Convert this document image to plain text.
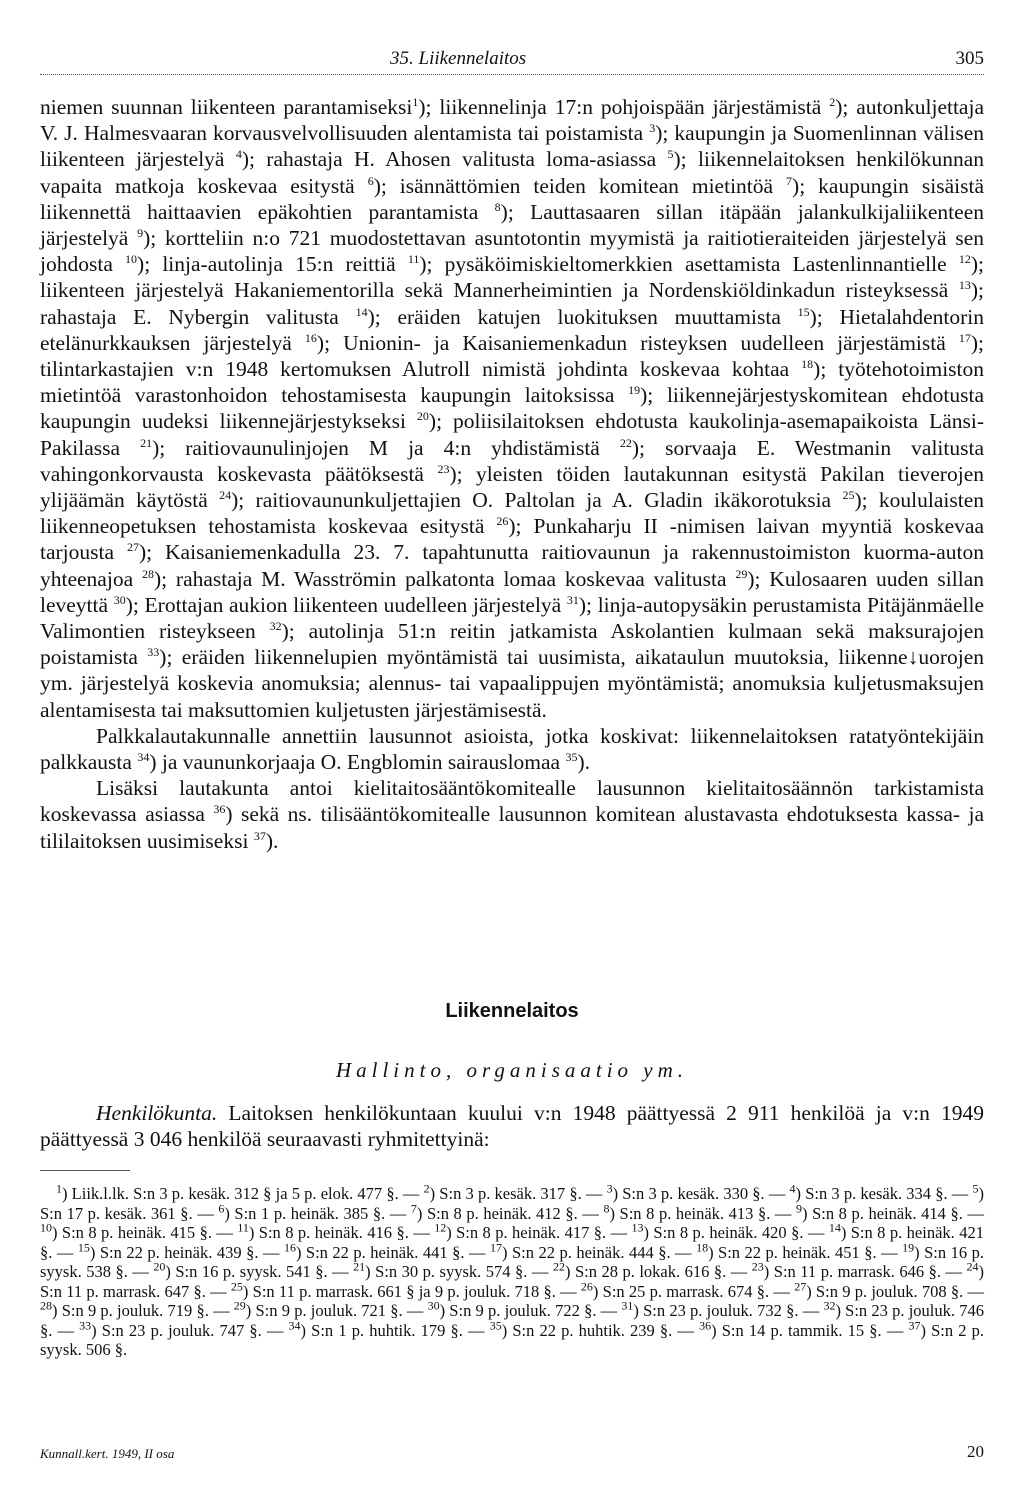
35. Liikennelaitos	305

niemen suunnan liikenteen parantamiseksi$^1$); liikennelinja 17:n pohjoispään järjestämistä $^2$); autonkuljettaja V. J. Halmesvaaran korvausvelvollisuuden alentamista tai poistamista $^3$); kaupungin ja Suomenlinnan välisen liikenteen järjestelyä $^4$); rahastaja H. Ahosen valitusta loma-asiassa $^5$); liikennelaitoksen henkilökunnan vapaita matkoja koskevaa esitystä $^6$); isännättömien teiden komitean mietintöä $^7$); kaupungin sisäistä liikennettä haittaavien epäkohtien parantamista $^8$); Lauttasaaren sillan itäpään jalankulkijaliikenteen järjestelyä $^9$); kortteliin n:o 721 muodostettavan asuntotontin myymistä ja raitiotieraiteiden järjestelyä sen johdosta $^{10}$); linja-autolinja 15:n reittiä $^{11}$); pysäköimiskieltomerkkien asettamista Lastenlinnantielle $^{12}$); liikenteen järjestelyä Hakaniementorilla sekä Mannerheimintien ja Nordenskiöldinkadun risteyksessä $^{13}$); rahastaja E. Nybergin valitusta $^{14}$); eräiden katujen luokituksen muuttamista $^{15}$); Hietalahdentorin etelänurkkauksen järjestelyä $^{16}$); Unionin- ja Kaisaniemenkadun risteyksen uudelleen järjestämistä $^{17}$); tilintarkastajien v:n 1948 kertomuksen Alutroll nimistä johdinta koskevaa kohtaa $^{18}$); työtehotoimiston mietintöä varastonhoidon tehostamisesta kaupungin laitoksissa $^{19}$); liikennejärjestyskomitean ehdotusta kaupungin uudeksi liikennejärjestykseksi $^{20}$); poliisilaitoksen ehdotusta kaukolinja-asemapaikoista Länsi-Pakilassa $^{21}$); raitiovaunulinjojen M ja 4:n yhdistämistä $^{22}$); sorvaaja E. Westmanin valitusta vahingonkorvausta koskevasta päätöksestä $^{23}$); yleisten töiden lautakunnan esitystä Pakilan tieverojen ylijäämän käytöstä $^{24}$); raitiovaununkuljettajien O. Paltolan ja A. Gladin ikäkorotuksia $^{25}$); koululaisten liikenneopetuksen tehostamista koskevaa esitystä $^{26}$); Punkaharju II -nimisen laivan myyntiä koskevaa tarjousta $^{27}$); Kaisaniemenkadulla 23. 7. tapahtunutta raitiovaunun ja rakennustoimiston kuorma-auton yhteenajoa $^{28}$); rahastaja M. Wasströmin palkatonta lomaa koskevaa valitusta $^{29}$); Kulosaaren uuden sillan leveyttä $^{30}$); Erottajan aukion liikenteen uudelleen järjestelyä $^{31}$); linja-autopysäkin perustamista Pitäjänmäelle Valimontien risteykseen $^{32}$); autolinja 51:n reitin jatkamista Askolantien kulmaan sekä maksurajojen poistamista $^{33}$); eräiden liikennelupien myöntämistä tai uusimista, aikataulun muutoksia, liikenne↓uorojen ym. järjestelyä koskevia anomuksia; alennus- tai vapaalippujen myöntämistä; anomuksia kuljetusmaksujen alentamisesta tai maksuttomien kuljetusten järjestämisestä.

Palkkalautakunnalle annettiin lausunnot asioista, jotka koskivat: liikennelaitoksen ratatyöntekijäin palkkausta $^{34}$) ja vaununkorjaaja O. Engblomin sairauslomaa $^{35}$).

Lisäksi lautakunta antoi kielitaitosääntökomitealle lausunnon kielitaitosäännön tarkistamista koskevassa asiassa $^{36}$) sekä ns. tilisääntökomitealle lausunnon komitean alustavasta ehdotuksesta kassa- ja tililaitoksen uusimiseksi $^{37}$).

Liikennelaitos
Hallinto, organisaatio ym.

Henkilökunta. Laitoksen henkilökuntaan kuului v:n 1948 päättyessä 2 911 henkilöä ja v:n 1949 päättyessä 3 046 henkilöä seuraavasti ryhmitettyinä:

$^1$) Liik.l.lk. S:n 3 p. kesäk. 312 § ja 5 p. elok. 477 §. — $^2$) S:n 3 p. kesäk. 317 §. — $^3$) S:n 3 p. kesäk. 330 §. — $^4$) S:n 3 p. kesäk. 334 §. — $^5$) S:n 17 p. kesäk. 361 §. — $^6$) S:n 1 p. heinäk. 385 §. — $^7$) S:n 8 p. heinäk. 412 §. — $^8$) S:n 8 p. heinäk. 413 §. — $^9$) S:n 8 p. heinäk. 414 §. — $^{10}$) S:n 8 p. heinäk. 415 §. — $^{11}$) S:n 8 p. heinäk. 416 §. — $^{12}$) S:n 8 p. heinäk. 417 §. — $^{13}$) S:n 8 p. heinäk. 420 §. — $^{14}$) S:n 8 p. heinäk. 421 §. — $^{15}$) S:n 22 p. heinäk. 439 §. — $^{16}$) S:n 22 p. heinäk. 441 §. — $^{17}$) S:n 22 p. heinäk. 444 §. — $^{18}$) S:n 22 p. heinäk. 451 §. — $^{19}$) S:n 16 p. syysk. 538 §. — $^{20}$) S:n 16 p. syysk. 541 §. — $^{21}$) S:n 30 p. syysk. 574 §. — $^{22}$) S:n 28 p. lokak. 616 §. — $^{23}$) S:n 11 p. marrask. 646 §. — $^{24}$) S:n 11 p. marrask. 647 §. — $^{25}$) S:n 11 p. marrask. 661 § ja 9 p. jouluk. 718 §. — $^{26}$) S:n 25 p. marrask. 674 §. — $^{27}$) S:n 9 p. jouluk. 708 §. — $^{28}$) S:n 9 p. jouluk. 719 §. — $^{29}$) S:n 9 p. jouluk. 721 §. — $^{30}$) S:n 9 p. jouluk. 722 §. — $^{31}$) S:n 23 p. jouluk. 732 §. — $^{32}$) S:n 23 p. jouluk. 746 §. — $^{33}$) S:n 23 p. jouluk. 747 §. — $^{34}$) S:n 1 p. huhtik. 179 §. — $^{35}$) S:n 22 p. huhtik. 239 §. — $^{36}$) S:n 14 p. tammik. 15 §. — $^{37}$) S:n 2 p. syysk. 506 §.

Kunnall.kert. 1949, II osa	20
